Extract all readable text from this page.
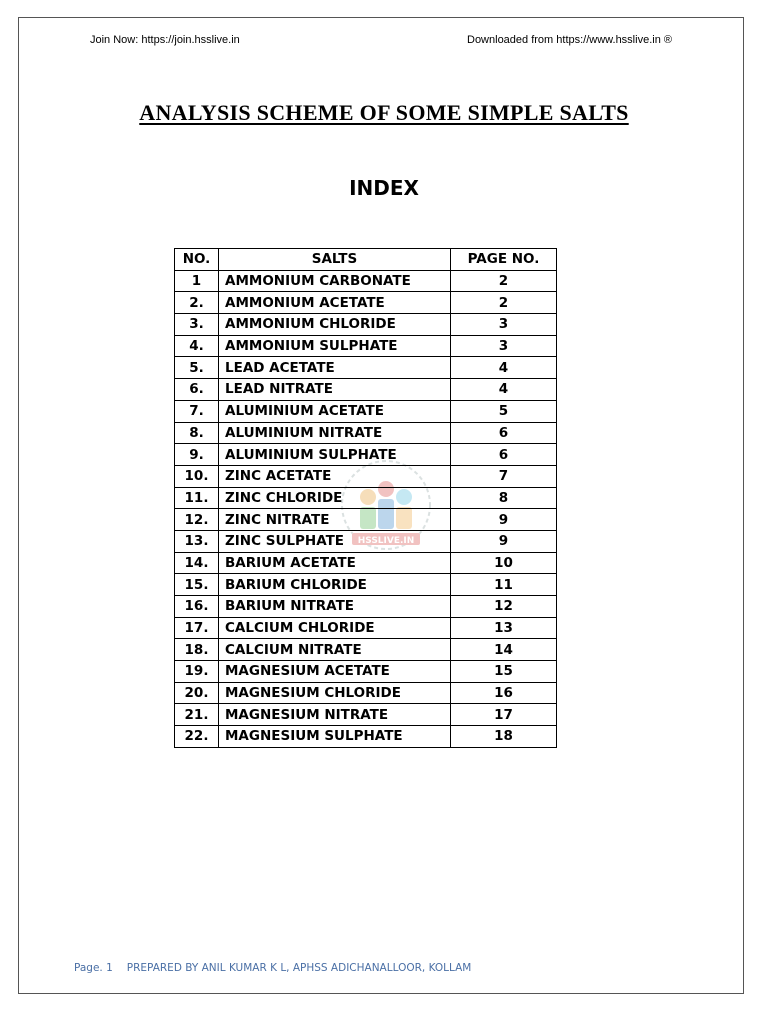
Join Now: https://join.hsslive.in	Downloaded from https://www.hsslive.in ®
ANALYSIS SCHEME OF SOME SIMPLE SALTS
INDEX
HSSLIVE.IN
NO.	SALTS	PAGE NO.
1	AMMONIUM CARBONATE	2
2.	AMMONIUM ACETATE	2
3.	AMMONIUM CHLORIDE	3
4.	AMMONIUM SULPHATE	3
5.	LEAD ACETATE	4
6.	LEAD NITRATE	4
7.	ALUMINIUM ACETATE	5
8.	ALUMINIUM NITRATE	6
9.	ALUMINIUM SULPHATE	6
10.	ZINC ACETATE	7
11.	ZINC CHLORIDE	8
12.	ZINC NITRATE	9
13.	ZINC SULPHATE	9
14.	BARIUM ACETATE	10
15.	BARIUM CHLORIDE	11
16.	BARIUM NITRATE	12
17.	CALCIUM CHLORIDE	13
18.	CALCIUM NITRATE	14
19.	MAGNESIUM ACETATE	15
20.	MAGNESIUM CHLORIDE	16
21.	MAGNESIUM NITRATE	17
22.	MAGNESIUM SULPHATE	18
Page. 1 PREPARED BY ANIL KUMAR K L, APHSS ADICHANALLOOR, KOLLAM
